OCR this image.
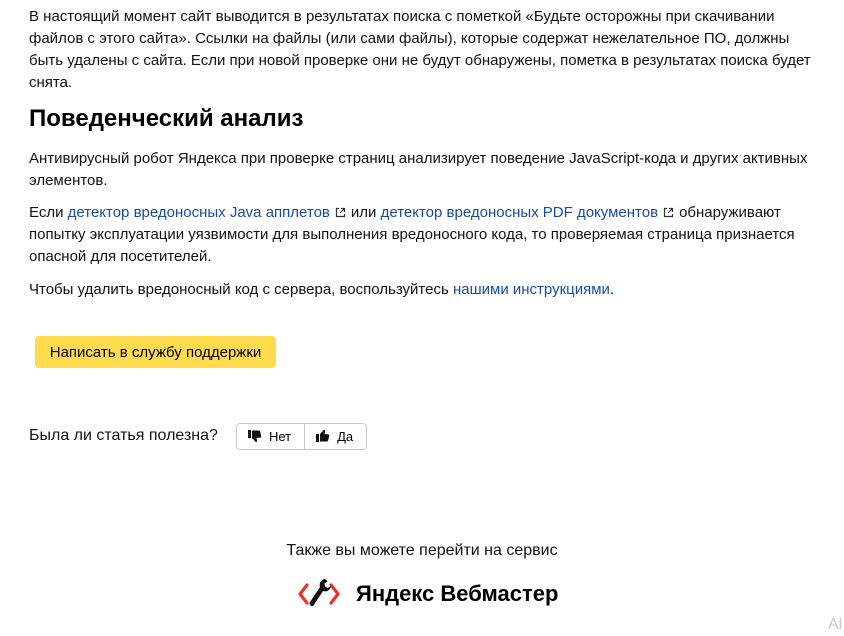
В настоящий момент сайт выводится в результатах поиска с пометкой «Будьте осторожны при скачивании файлов с этого сайта». Ссылки на файлы (или сами файлы), которые содержат нежелательное ПО, должны быть удалены с сайта. Если при новой проверке они не будут обнаружены, пометка в результатах поиска будет снята.

Поведенческий анализ

Антивирусный робот Яндекса при проверке страниц анализирует поведение JavaScript-кода и других активных элементов.

Если детектор вредоносных Java апплетов или детектор вредоносных PDF документов обнаруживают попытку эксплуатации уязвимости для выполнения вредоносного кода, то проверяемая страница признается опасной для посетителей.

Чтобы удалить вредоносный код с сервера, воспользуйтесь нашими инструкциями.

Написать в службу поддержки
Была ли статья полезна?	Нет	Да
Также вы можете перейти на сервис
Яндекс Вебмастер
Al
